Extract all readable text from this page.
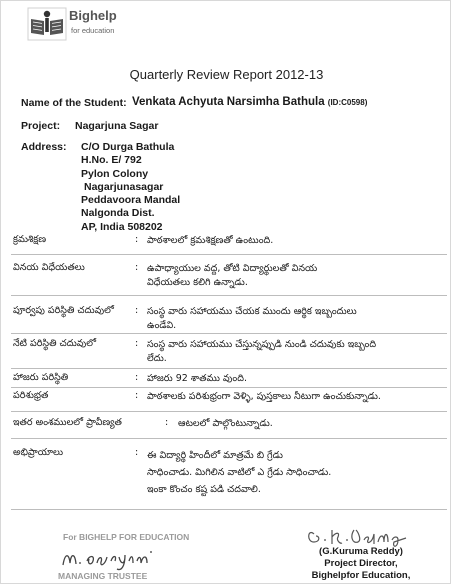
Bighelp
for education
Quarterly Review Report 2012-13
Name of the Student: Venkata Achyuta Narsimha Bathula (ID:C0598)
Project: Nagarjuna Sagar
Address: C/O Durga Bathula
H.No. E/ 792
Pylon Colony
Nagarjunasagar
Peddavoora Mandal
Nalgonda Dist.
AP, India 508202
క్రమశిక్షణ	: పాఠశాలలో క్రమశిక్షణతో ఉంటుంది.
వినయ విధేయతలు	: ఉపాధ్యాయుల వద్ద, తోటి విద్యార్థులతో వినయ
విధేయతలు కలిగి ఉన్నాడు.
పూర్వపు పరిస్థితి చదువులో	: సంస్థ వారు సహాయము చేయక ముందు ఆర్థిక ఇబ్బందులు
ఉండేవి.
నేటి పరిస్థితి చదువులో	: సంస్థ వారు సహాయము చేస్తున్నప్పుడి నుండి చదువుకు ఇబ్బంది
లేదు.
హాజరు పరిస్థితి	: హాజరు 92 శాతము వుంది.
పరిశుభ్రత	: పాఠశాలకు పరిశుభ్రంగా వెళ్ళి, పుస్తకాలు నీటుగా ఉంచుకున్నాడు.
ఇతర అంశములలో ప్రావీణ్యత	:	ఆటలలో పాల్గొంటున్నాడు.
అభిప్రాయాలు	: ఈ విద్యార్థి హిందీలో మాత్రమే బి గ్రేడు
సాధించాడు. మిగిలిన వాటిలో ఎ గ్రేడు సాధించాడు.
ఇంకా కొంచం కష్ట పడి చదవాలి.
For BIGHELP FOR EDUCATION
MANAGING TRUSTEE
(G.Kuruma Reddy)
Project Director,
Bighelpfor Education,
